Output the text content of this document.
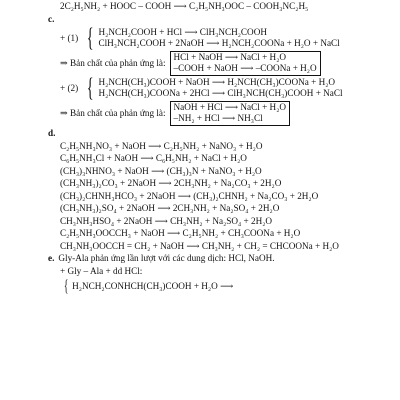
2C₂H₅NH₂ + HOOC – COOH ⟶ C₂H₅NH₃OOC – COOH₃NC₂H₅
c.
+ (1) { H₂NCH₂COOH + HCl ⟶ ClH₃NCH₂COOH
ClH₃NCH₂COOH + 2NaOH ⟶ H₂NCH₂COONa + H₂O + NaCl
⇒ Bản chất của phản ứng là:
HCl + NaOH ⟶ NaCl + H₂O
–COOH + NaOH ⟶ –COONa + H₂O
+ (2) { H₂NCH(CH₃)COOH + NaOH ⟶ H₂NCH(CH₃)COONa + H₂O
H₂NCH(CH₃)COONa + 2HCl ⟶ ClH₃NCH(CH₃)COOH + NaCl
⇒ Bản chất của phản ứng là:
NaOH + HCl ⟶ NaCl + H₂O
–NH₂ + HCl ⟶ NH₃Cl
d.
C₂H₅NH₃NO₃ + NaOH ⟶ C₂H₅NH₂ + NaNO₃ + H₂O
C₆H₅NH₃Cl + NaOH ⟶ C₆H₅NH₂ + NaCl + H₂O
(CH₃)₃NHNO₃ + NaOH ⟶ (CH₃)₃N + NaNO₃ + H₂O
(CH₃NH₃)₂CO₃ + 2NaOH ⟶ 2CH₃NH₂ + Na₂CO₃ + 2H₂O
(CH₃)₂CHNH₃HCO₃ + 2NaOH ⟶ (CH₃)₂CHNH₂ + Na₂CO₃ + 2H₂O
(CH₃NH₃)₂SO₄ + 2NaOH ⟶ 2CH₃NH₂ + Na₂SO₄ + 2H₂O
CH₃NH₃HSO₄ + 2NaOH ⟶ CH₃NH₂ + Na₂SO₄ + 2H₂O
C₂H₅NH₃OOCCH₃ + NaOH ⟶ C₂H₅NH₂ + CH₃COONa + H₂O
CH₃NH₃OOCCH = CH₂ + NaOH ⟶ CH₃NH₂ + CH₂ = CHCOONa + H₂O
e. Gly-Ala phản ứng lần lượt với các dung dịch: HCl, NaOH.
+ Gly – Ala + dd HCl:
{ H₂NCH₂CONHCH(CH₃)COOH + H₂O ⟶
